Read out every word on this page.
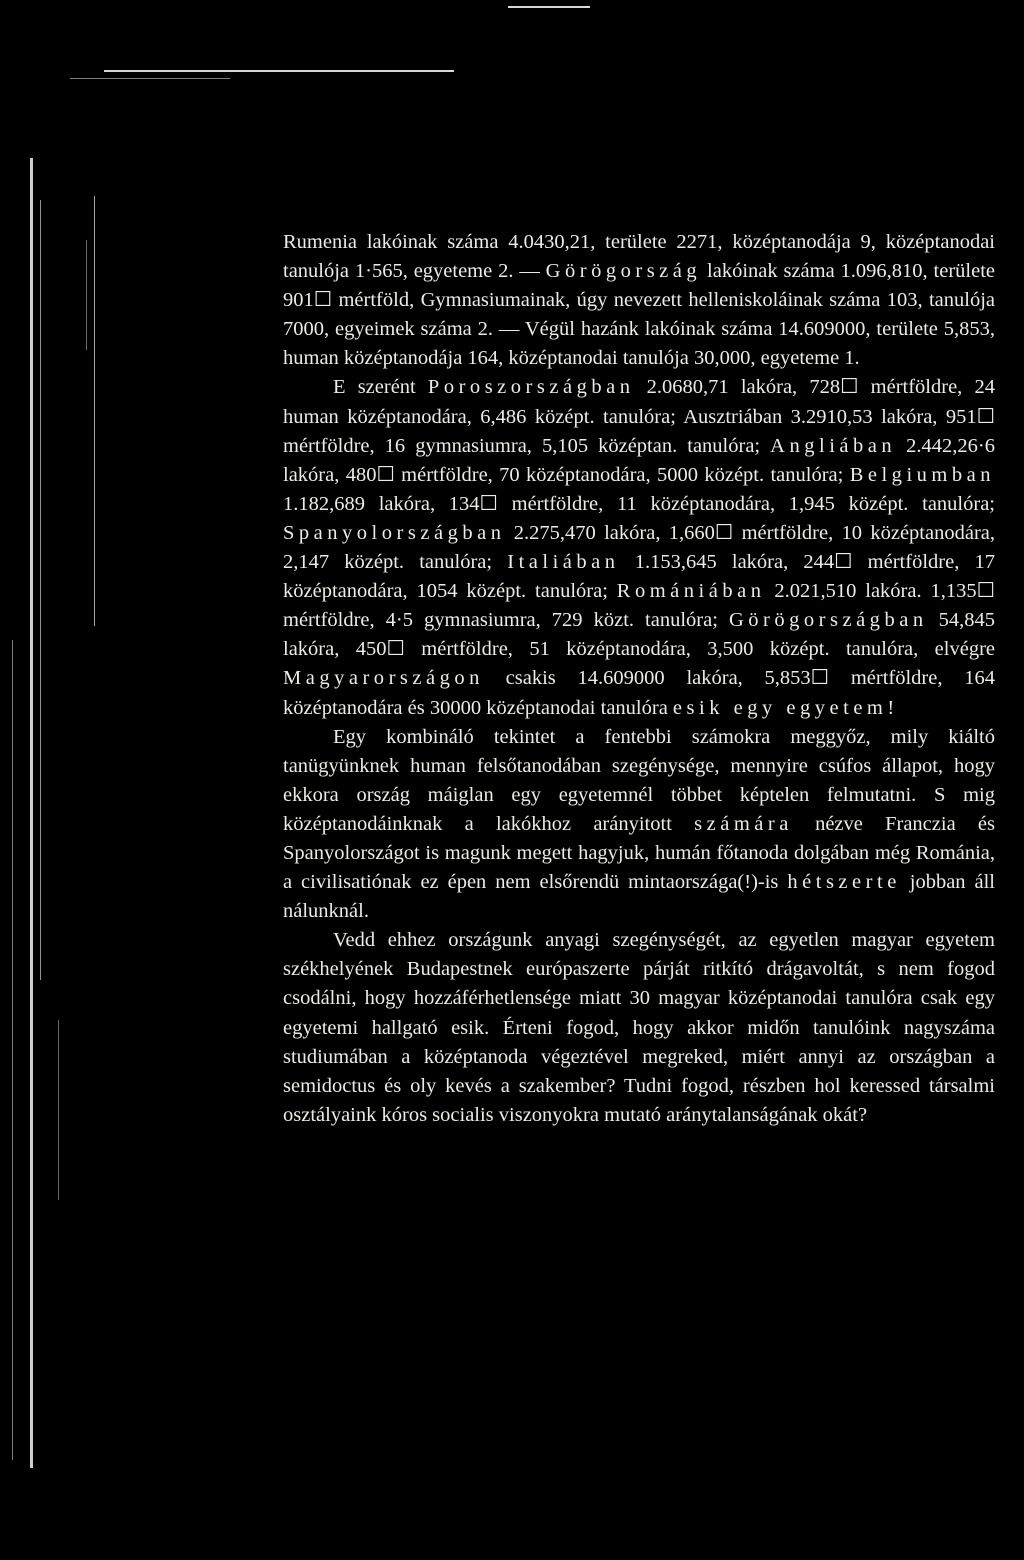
Rumenia lakóinak száma 4.0430,21, területe 2271, középtanodája 9, középtanodai tanulója 1·565, egyeteme 2. — Görögország lakóinak száma 1.096,810, területe 901☐ mértföld, Gymnasiumainak, úgy nevezett helleniskoláinak száma 103, tanulója 7000, egyeimek száma 2. — Végül hazánk lakóinak száma 14.609000, területe 5,853, human középtanodája 164, középtanodai tanulója 30,000, egyeteme 1.

E szerént Poroszországban 2.0680,71 lakóra, 728☐ mértföldre, 24 human középtanodára, 6,486 középt. tanulóra; Ausztriában 3.2910,53 lakóra, 951☐ mértföldre, 16 gymnasiumra, 5,105 középtan. tanulóra; Angliában 2.442,26·6 lakóra, 480☐ mértföldre, 70 középtanodára, 5000 középt. tanulóra; Belgiumban 1.182,689 lakóra, 134☐ mértföldre, 11 középtanodára, 1,945 középt. tanulóra; Spanyolországban 2.275,470 lakóra, 1,660☐ mértföldre, 10 középtanodára, 2,147 középt. tanulóra; Italiában 1.153,645 lakóra, 244☐ mértföldre, 17 középtanodára, 1054 középt. tanulóra; Romániában 2.021,510 lakóra. 1,135☐ mértföldre, 4·5 gymnasiumra, 729 közt. tanulóra; Görögországban 54,845 lakóra, 450☐ mértföldre, 51 középtanodára, 3,500 középt. tanulóra, elvégre Magyarországon csakis 14.609000 lakóra, 5,853☐ mértföldre, 164 középtanodára és 30000 középtanodai tanulóra esik egy egyetem!

Egy kombináló tekintet a fentebbi számokra meggyőz, mily kiáltó tanügyünknek human felsőtanodában szegénysége, mennyire csúfos állapot, hogy ekkora ország máiglan egy egyetemnél többet képtelen felmutatni. S mig középtanodáinknak a lakókhoz arányitott számára nézve Franczia és Spanyolországot is magunk megett hagyjuk, humán főtanoda dolgában még Románia, a civilisatiónak ez épen nem elsőrendü mintaországa(!)-is hétszerte jobban áll nálunknál.

Vedd ehhez országunk anyagi szegénységét, az egyetlen magyar egyetem székhelyének Budapestnek európaszerte párját ritkító drágavoltát, s nem fogod csodálni, hogy hozzáférhetlensége miatt 30 magyar középtanodai tanulóra csak egy egyetemi hallgató esik. Érteni fogod, hogy akkor midőn tanulóink nagyszáma studiumában a középtanoda végeztével megreked, miért annyi az országban a semidoctus és oly kevés a szakember? Tudni fogod, részben hol keressed társalmi osztályaink kóros socialis viszonyokra mutató aránytalanságának okát?
